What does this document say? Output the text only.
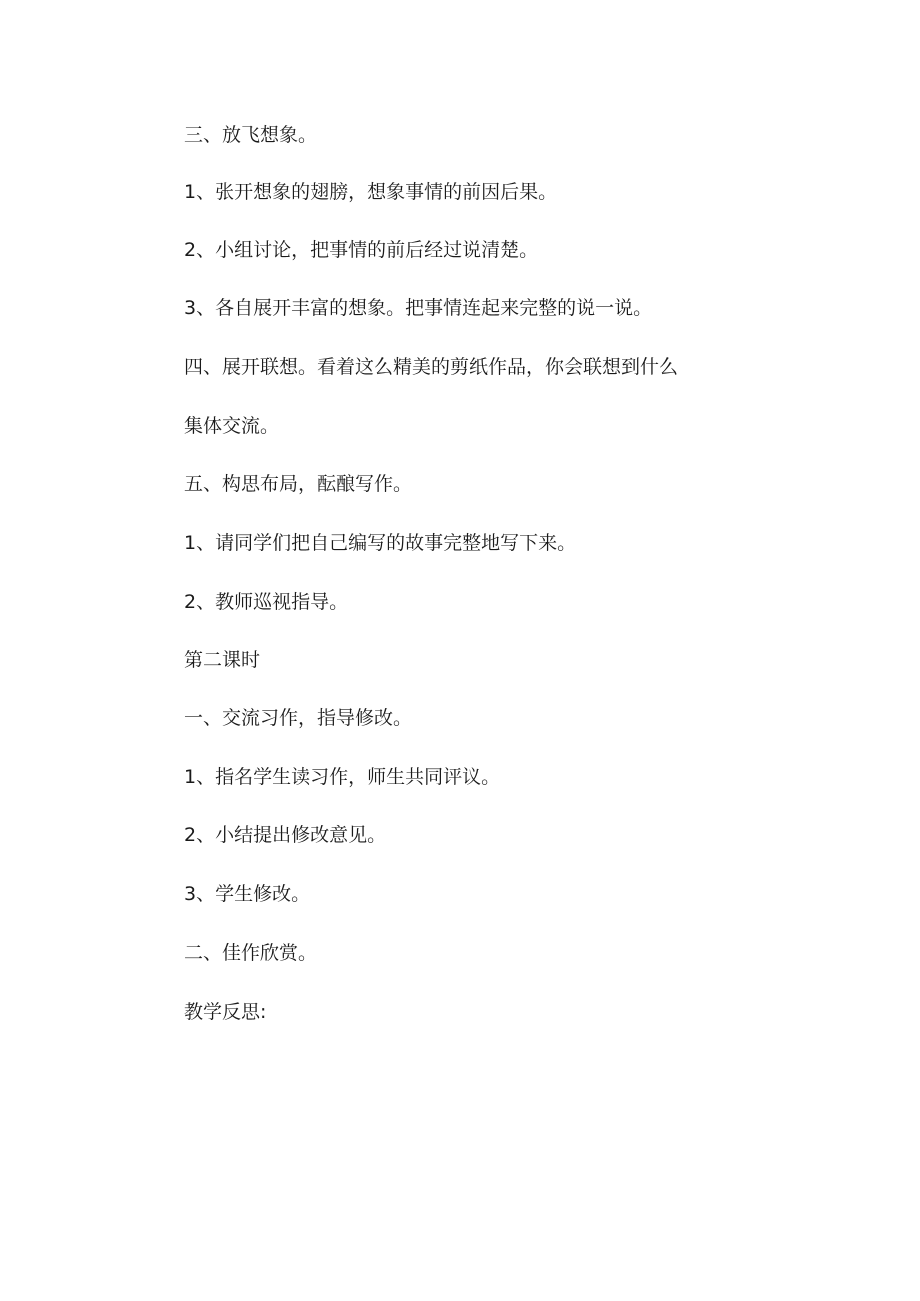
三、放飞想象。

1、张开想象的翅膀，想象事情的前因后果。

2、小组讨论，把事情的前后经过说清楚。

3、各自展开丰富的想象。把事情连起来完整的说一说。

四、展开联想。看着这么精美的剪纸作品，你会联想到什么

集体交流。

五、构思布局，酝酿写作。

1、请同学们把自己编写的故事完整地写下来。

2、教师巡视指导。

第二课时

一、交流习作，指导修改。

1、指名学生读习作，师生共同评议。

2、小结提出修改意见。

3、学生修改。

二、佳作欣赏。

教学反思:
